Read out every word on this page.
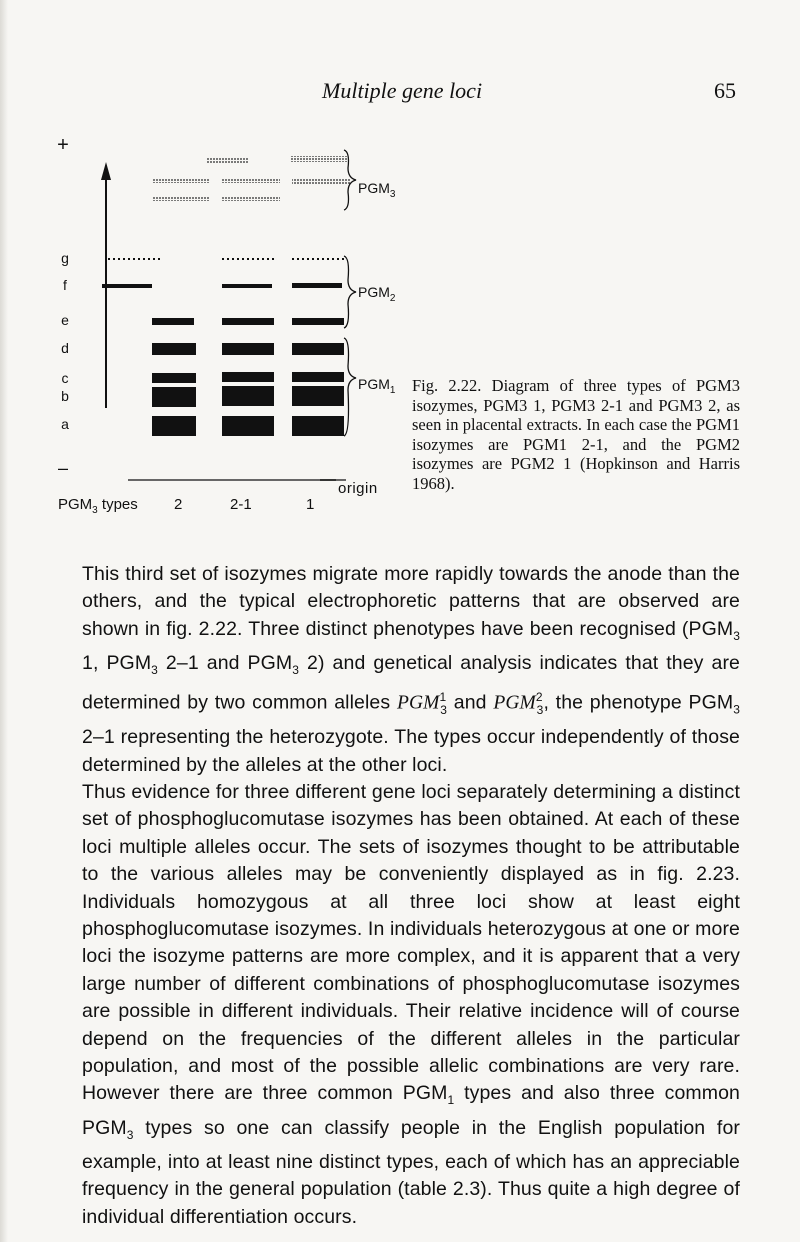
Multiple gene loci	65
+
–
g
f
e
d
c
b
a
$PGM_3$
$PGM_2$
$PGM_1$
origin
$PGM_3$ types 2	2-1	1
Fig. 2.22. Diagram of three types of PGM3 isozymes, PGM3 1, PGM3 2-1 and PGM3 2, as seen in placental extracts. In each case the PGM1 isozymes are PGM1 2-1, and the PGM2 isozymes are PGM2 1 (Hopkinson and Harris 1968).

This third set of isozymes migrate more rapidly towards the anode than the others, and the typical electrophoretic patterns that are observed are shown in fig. 2.22. Three distinct phenotypes have been recognised ($PGM_3$ 1, $PGM_3$ 2–1 and $PGM_3$ 2) and genetical analysis indicates that they are determined by two common alleles $PGM^1_3$ and $PGM^2_3$, the phenotype $PGM_3$ 2–1 representing the heterozygote. The types occur independently of those determined by the alleles at the other loci.

Thus evidence for three different gene loci separately determining a distinct set of phosphoglucomutase isozymes has been obtained. At each of these loci multiple alleles occur. The sets of isozymes thought to be attributable to the various alleles may be conveniently displayed as in fig. 2.23. Individuals homozygous at all three loci show at least eight phosphoglucomutase isozymes. In individuals heterozygous at one or more loci the isozyme patterns are more complex, and it is apparent that a very large number of different combinations of phosphoglucomutase isozymes are possible in different individuals. Their relative incidence will of course depend on the frequencies of the different alleles in the particular population, and most of the possible allelic combinations are very rare. However there are three common $PGM_1$ types and also three common $PGM_3$ types so one can classify people in the English population for example, into at least nine distinct types, each of which has an appreciable frequency in the general population (table 2.3). Thus quite a high degree of individual differentiation occurs.
